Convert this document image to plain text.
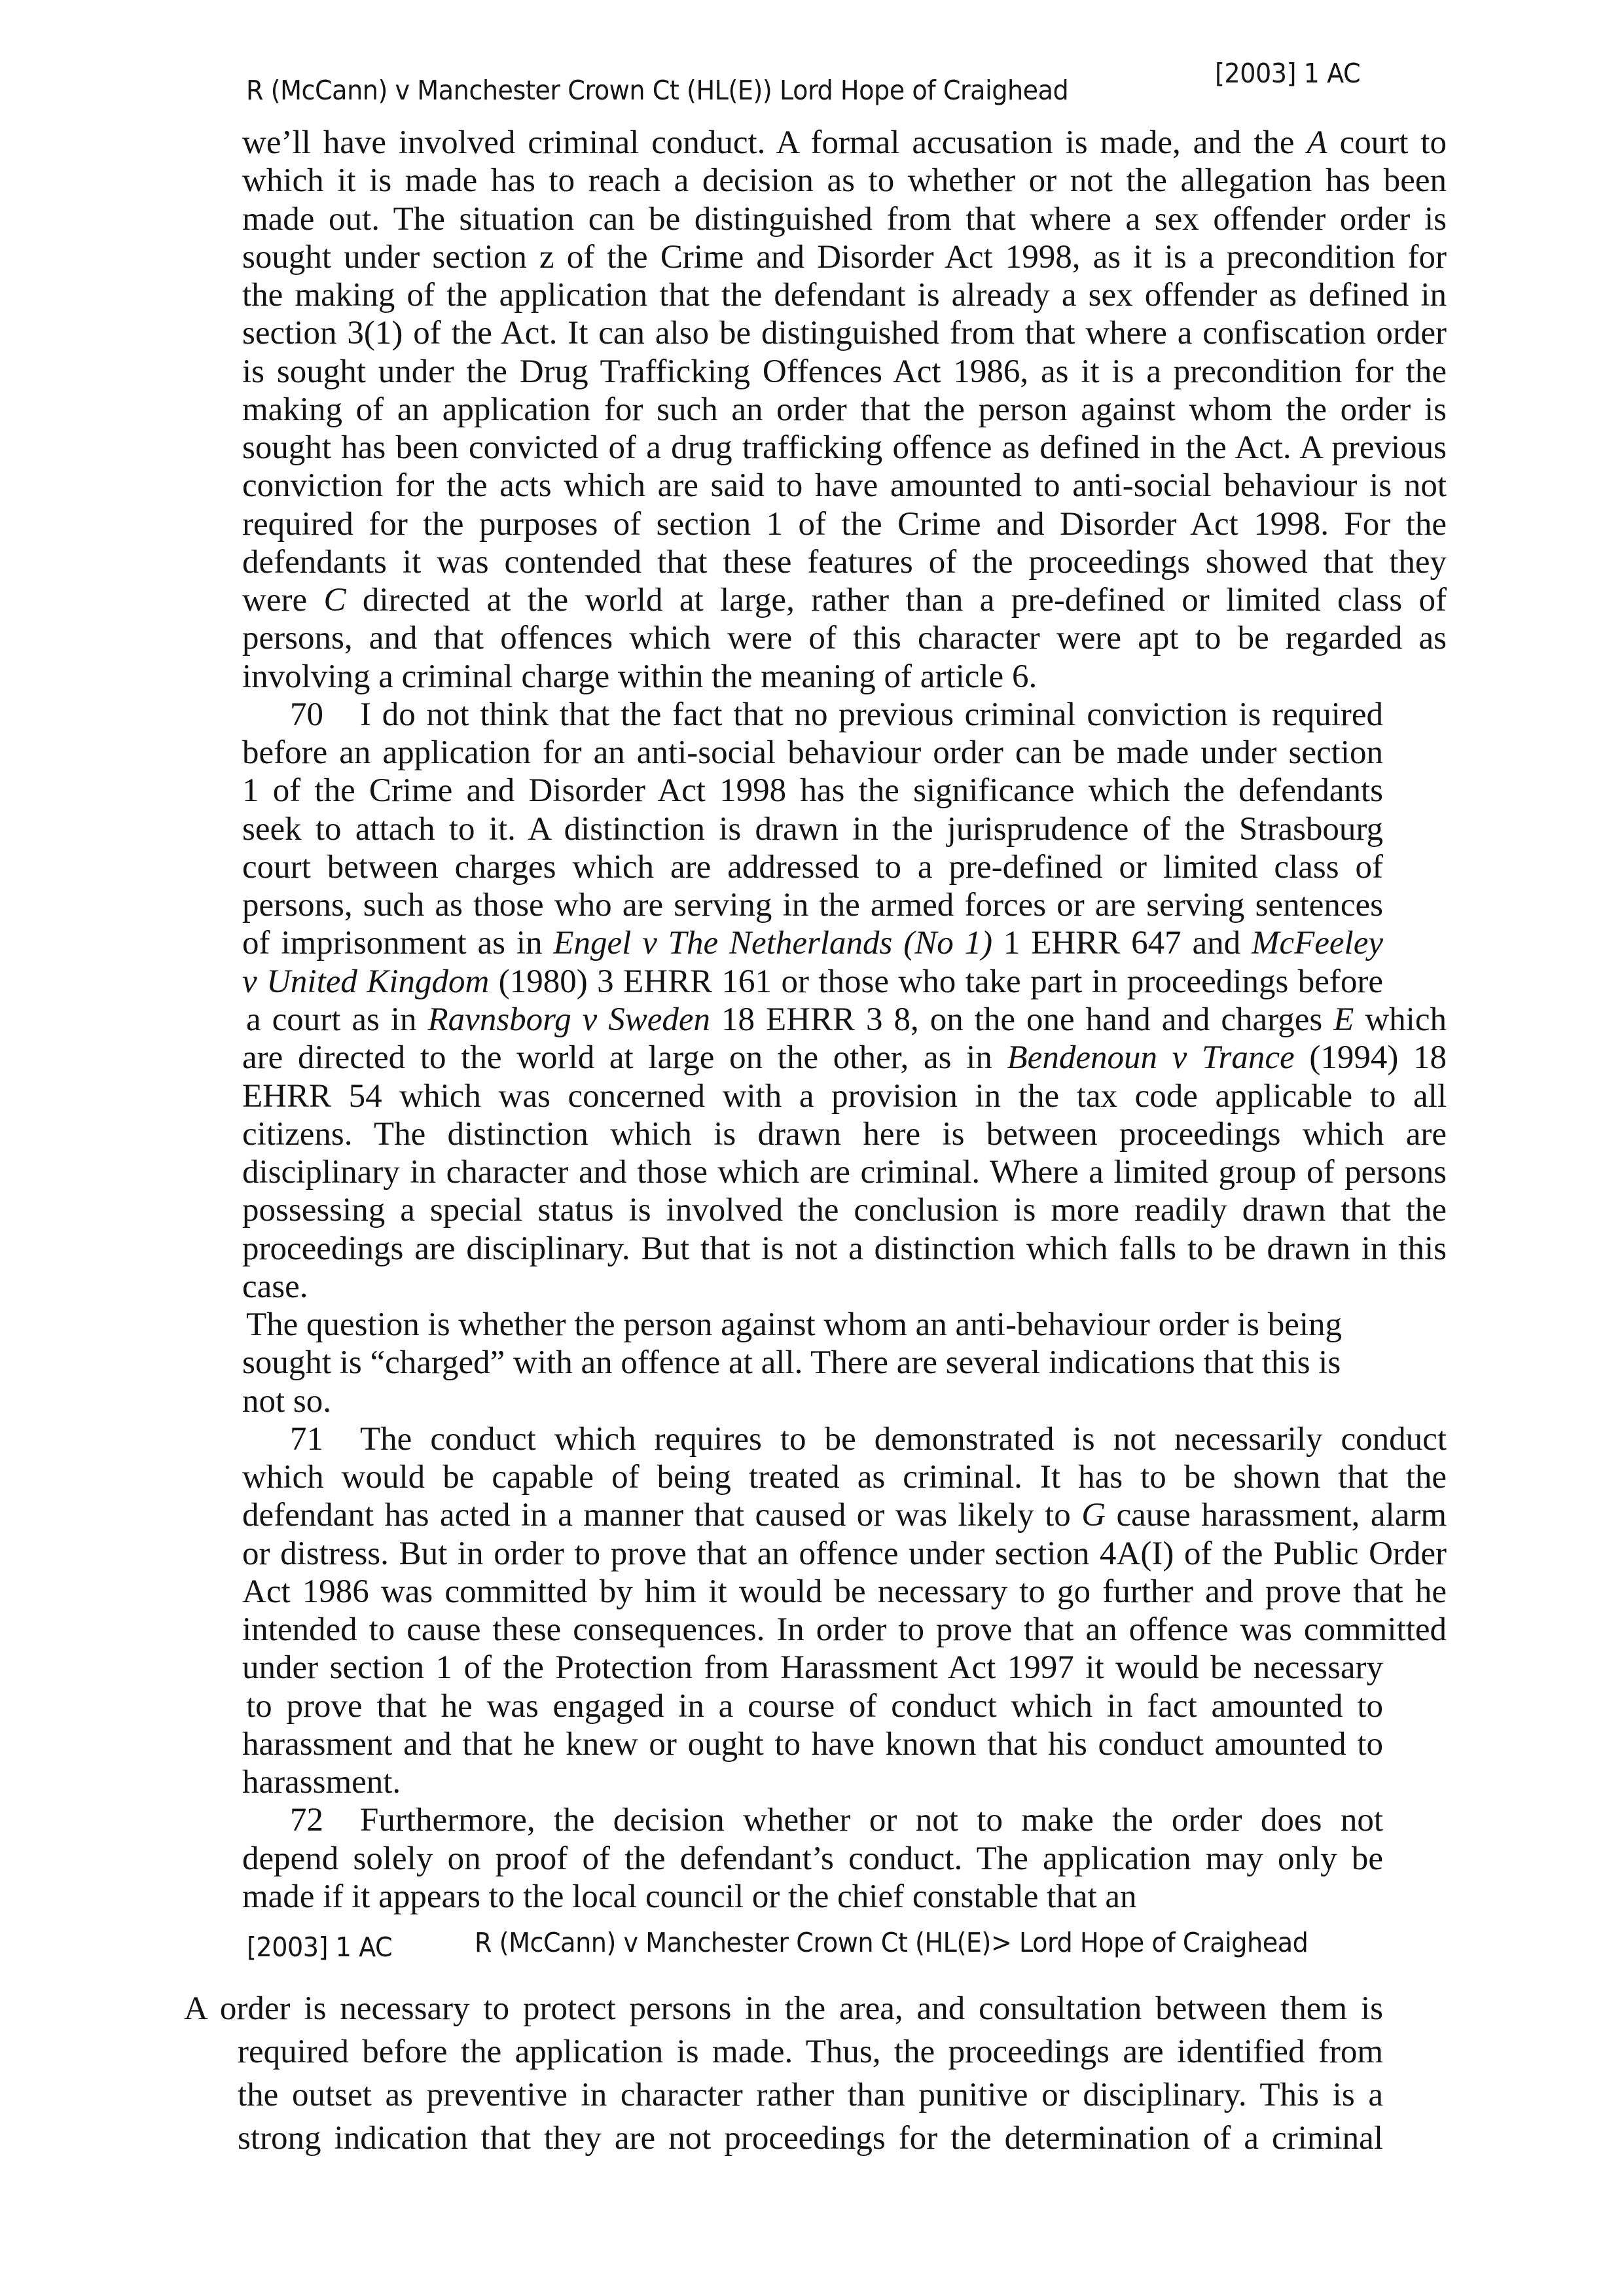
R (McCann) v Manchester Crown Ct (HL(E)) Lord Hope of Craighead
[2003] 1 AC
we’ll have involved criminal conduct. A formal accusation is made, and the A court to
which it is made has to reach a decision as to whether or not the allegation has been
made out. The situation can be distinguished from that where a sex offender order is
sought under section z of the Crime and Disorder Act 1998, as it is a precondition for
the making of the application that the defendant is already a sex offender as defined in
section 3(1) of the Act. It can also be distinguished from that where a confiscation order
is sought under the Drug Trafficking Offences Act 1986, as it is a precondition for the
making of an application for such an order that the person against whom the order is
sought has been convicted of a drug trafficking offence as defined in the Act. A previous
conviction for the acts which are said to have amounted to anti-social behaviour is not
required for the purposes of section 1 of the Crime and Disorder Act 1998. For the
defendants it was contended that these features of the proceedings showed that they
were C directed at the world at large, rather than a pre-defined or limited class of
persons, and that offences which were of this character were apt to be regarded as
involving a criminal charge within the meaning of article 6.
70 I do not think that the fact that no previous criminal conviction is required
before an application for an anti-social behaviour order can be made under section
1 of the Crime and Disorder Act 1998 has the significance which the defendants
seek to attach to it. A distinction is drawn in the jurisprudence of the Strasbourg
court between charges which are addressed to a pre-defined or limited class of
persons, such as those who are serving in the armed forces or are serving sentences
of imprisonment as in Engel v The Netherlands (No 1) 1 EHRR 647 and McFeeley
v United Kingdom (1980) 3 EHRR 161 or those who take part in proceedings before
a court as in Ravnsborg v Sweden 18 EHRR 3 8, on the one hand and charges E which
are directed to the world at large on the other, as in Bendenoun v Trance (1994) 18
EHRR 54 which was concerned with a provision in the tax code applicable to all
citizens. The distinction which is drawn here is between proceedings which are
disciplinary in character and those which are criminal. Where a limited group of persons
possessing a special status is involved the conclusion is more readily drawn that the
proceedings are disciplinary. But that is not a distinction which falls to be drawn in this
case.
The question is whether the person against whom an anti-behaviour order is being
sought is “charged” with an offence at all. There are several indications that this is
not so.
71 The conduct which requires to be demonstrated is not necessarily conduct
which would be capable of being treated as criminal. It has to be shown that the
defendant has acted in a manner that caused or was likely to G cause harassment, alarm
or distress. But in order to prove that an offence under section 4A(I) of the Public Order
Act 1986 was committed by him it would be necessary to go further and prove that he
intended to cause these consequences. In order to prove that an offence was committed
under section 1 of the Protection from Harassment Act 1997 it would be necessary
to prove that he was engaged in a course of conduct which in fact amounted to
harassment and that he knew or ought to have known that his conduct amounted to
harassment.
72 Furthermore, the decision whether or not to make the order does not
depend solely on proof of the defendant’s conduct. The application may only be
made if it appears to the local council or the chief constable that an
[2003] 1 AC	R (McCann) v Manchester Crown Ct (HL(E)> Lord Hope of Craighead
A order is necessary to protect persons in the area, and consultation between them is
required before the application is made. Thus, the proceedings are identified from
the outset as preventive in character rather than punitive or disciplinary. This is a
strong indication that they are not proceedings for the determination of a criminal
